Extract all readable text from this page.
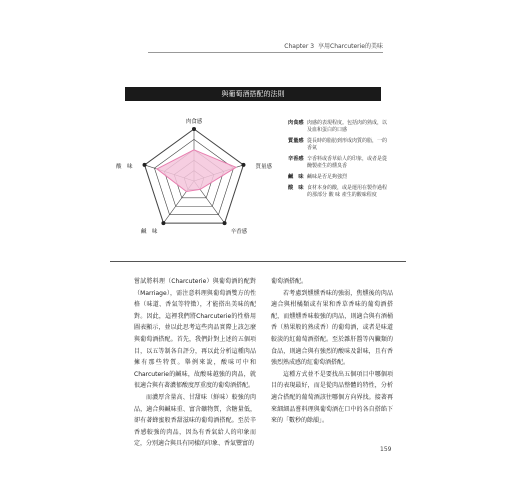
Chapter 3 享用Charcuterie的美味
與葡萄酒搭配的法則
肉食感
質量感
辛香感
鹹　味
酸　味
肉食感 肉感的表現程度。包括肉的熟成，以及血和蛋白的口感
質量感 從長時的脂肪到形成肉質的脂，一的香氣
辛香感 辛香料或香草給人的印象，或者是從醃製產生的燻臭香
鹹　味 鹹味是否足夠強烈
酸　味 食材本身的酸，或是運用在製作過程的那部分 酸 味 產生的酸味程度

嘗試將料理（Charcuterie）與葡萄酒的配對（Marriage），需注意料理與葡萄酒雙方的性格（味道、香氣等特徵），才能搭出美味的配對。因此，這裡我們將Charcuterie的性格用圖表顯示，並以此思考這些肉品實際上該怎麼與葡萄酒搭配。首先，我們針對上述的五個項目，以五等制各自評分，再以此分析這種肉品擁有那些特質。舉例來說，酸味可中和Charcuterie的鹹味，故酸味越強的肉品，就很適合與有著濃郁酸度厚重度的葡萄酒搭配。

而濃厚含量高、甘甜味（鮮味）較強的肉品，適合與鹹味重、富含礦物質，含糖量低，卻有著蜂蜜般香甜滋味的葡萄酒搭配。至於辛香感較強的肉品，因為有香氣給人的印象而定，分別適合與具有同樣的印象、香氣豐富的

葡萄酒搭配。

若考慮到燻燻香味的強弱，焦燻後的肉品適合與柑橘類或有果和香草香味的葡萄酒搭配，而燻燻香味較強的肉品，則適合與有酒桶香（熟果般的熟成香）的葡萄酒，或者是味道較淡的紅葡萄酒搭配。至於雜肝醬等內臟類的食品，則適合與有強烈的酸味及甜味，且有香強烈熟成感的紅葡萄酒搭配。

這種方式並不是要找出五個項目中哪個項目的表現最好，而是從肉品整體的特性，分析適合搭配的葡萄酒該往哪個方向界找。接著再來細細品嘗料理與葡萄酒在口中的各自搭餡下來的「數秒的餘韻」。

159
